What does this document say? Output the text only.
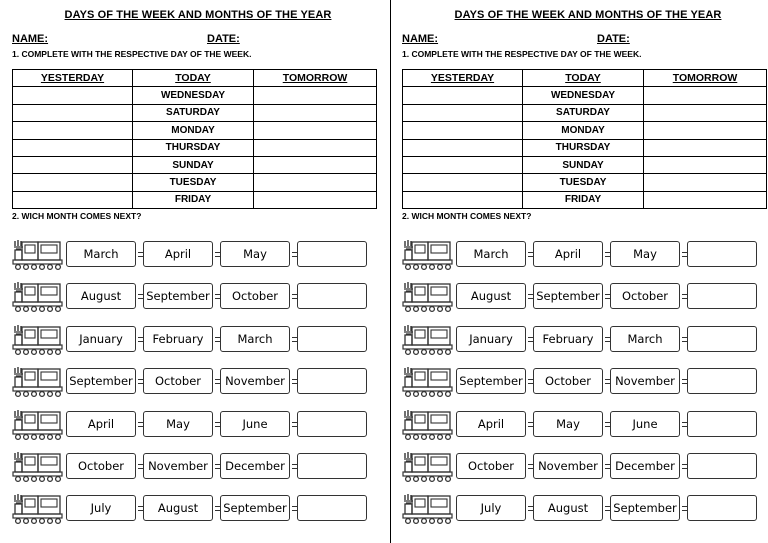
DAYS OF THE WEEK AND MONTHS OF THE YEAR
NAME:	DATE:
1. COMPLETE WITH THE RESPECTIVE DAY OF THE WEEK.
YESTERDAY	TODAY	TOMORROW
	WEDNESDAY	
	SATURDAY	
	MONDAY	
	THURSDAY	
	SUNDAY	
	TUESDAY	
	FRIDAY	
2. WICH MONTH COMES NEXT?
March	April	May
August	September	October
January	February	March
September	October	November
April	May	June
October	November	December
July	August	September
DAYS OF THE WEEK AND MONTHS OF THE YEAR
NAME:	DATE:
1. COMPLETE WITH THE RESPECTIVE DAY OF THE WEEK.
YESTERDAY	TODAY	TOMORROW
	WEDNESDAY	
	SATURDAY	
	MONDAY	
	THURSDAY	
	SUNDAY	
	TUESDAY	
	FRIDAY	
2. WICH MONTH COMES NEXT?
March	April	May
August	September	October
January	February	March
September	October	November
April	May	June
October	November	December
July	August	September
